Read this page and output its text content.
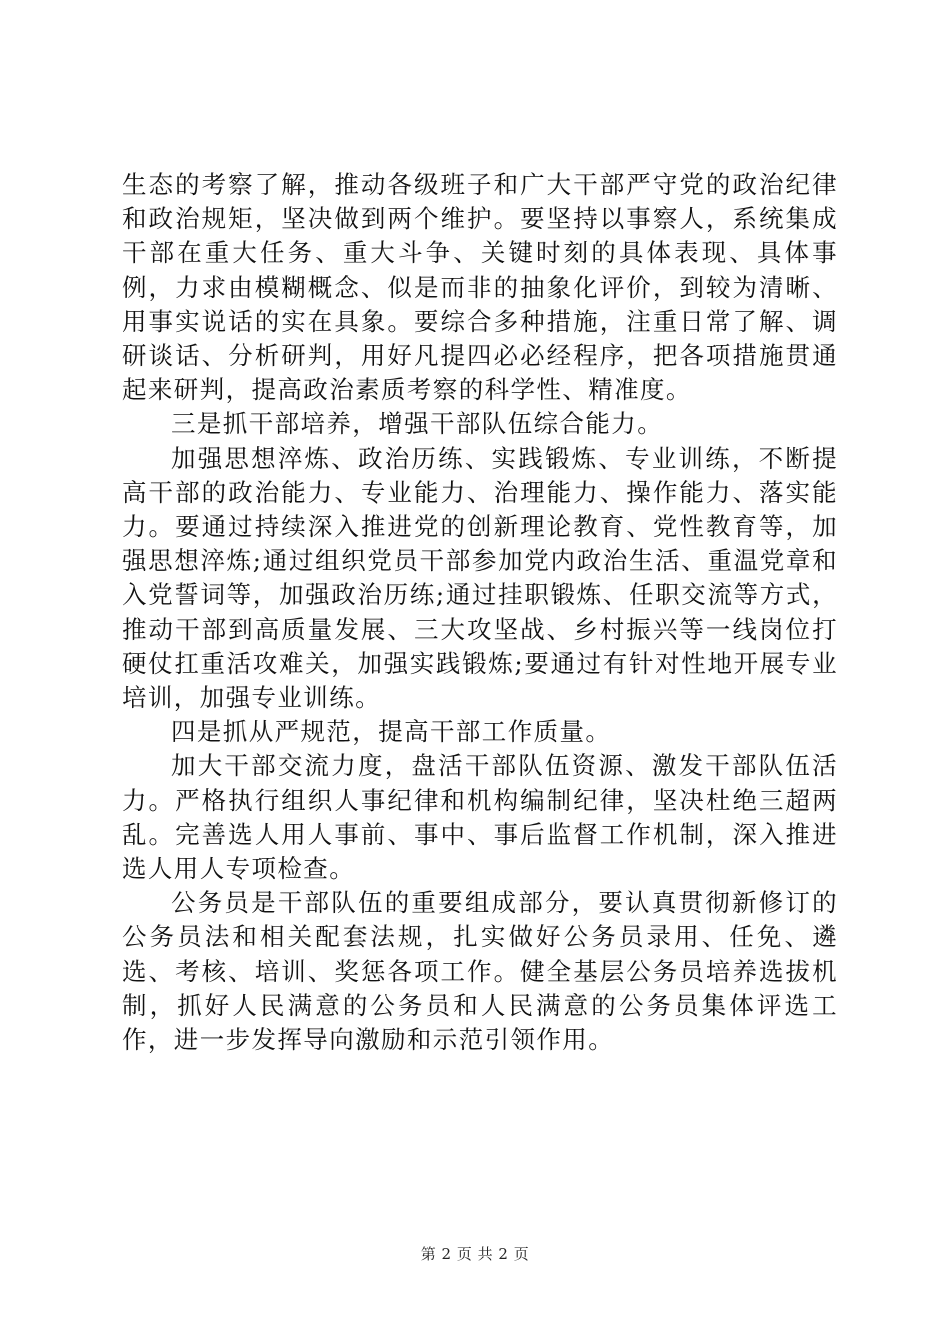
生态的考察了解，推动各级班子和广大干部严守党的政治纪律和政治规矩，坚决做到两个维护。要坚持以事察人，系统集成干部在重大任务、重大斗争、关键时刻的具体表现、具体事例，力求由模糊概念、似是而非的抽象化评价，到较为清晰、用事实说话的实在具象。要综合多种措施，注重日常了解、调研谈话、分析研判，用好凡提四必必经程序，把各项措施贯通起来研判，提高政治素质考察的科学性、精准度。

三是抓干部培养，增强干部队伍综合能力。

加强思想淬炼、政治历练、实践锻炼、专业训练，不断提高干部的政治能力、专业能力、治理能力、操作能力、落实能力。要通过持续深入推进党的创新理论教育、党性教育等，加强思想淬炼;通过组织党员干部参加党内政治生活、重温党章和入党誓词等，加强政治历练;通过挂职锻炼、任职交流等方式，推动干部到高质量发展、三大攻坚战、乡村振兴等一线岗位打硬仗扛重活攻难关，加强实践锻炼;要通过有针对性地开展专业培训，加强专业训练。

四是抓从严规范，提高干部工作质量。

加大干部交流力度，盘活干部队伍资源、激发干部队伍活力。严格执行组织人事纪律和机构编制纪律，坚决杜绝三超两乱。完善选人用人事前、事中、事后监督工作机制，深入推进选人用人专项检查。

公务员是干部队伍的重要组成部分，要认真贯彻新修订的公务员法和相关配套法规，扎实做好公务员录用、任免、遴选、考核、培训、奖惩各项工作。健全基层公务员培养选拔机制，抓好人民满意的公务员和人民满意的公务员集体评选工作，进一步发挥导向激励和示范引领作用。

第 2 页 共 2 页
